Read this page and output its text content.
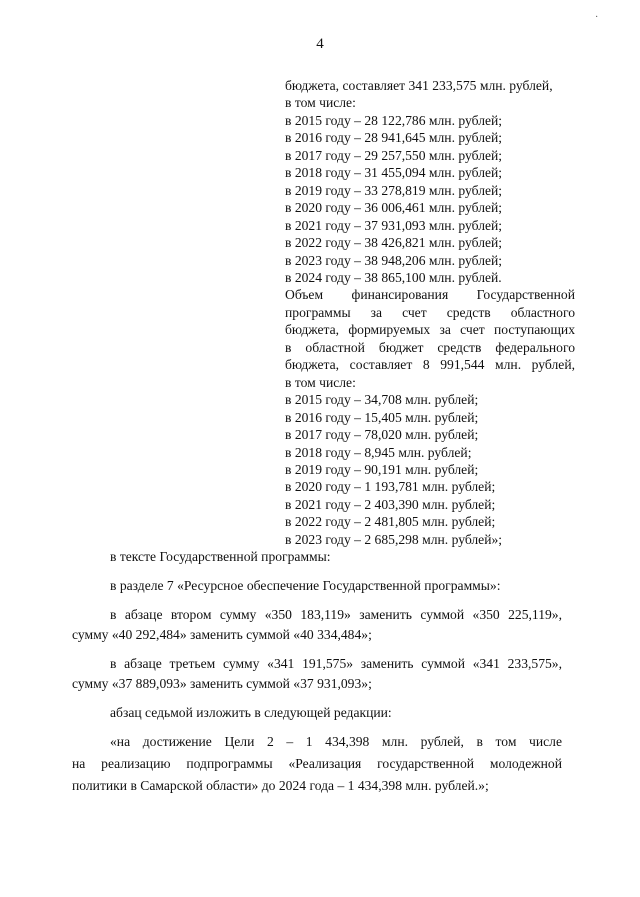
·
4
бюджета, составляет 341 233,575 млн. рублей,
в том числе:
в 2015 году – 28 122,786 млн. рублей;
в 2016 году – 28 941,645 млн. рублей;
в 2017 году – 29 257,550 млн. рублей;
в 2018 году – 31 455,094 млн. рублей;
в 2019 году – 33 278,819 млн. рублей;
в 2020 году – 36 006,461 млн. рублей;
в 2021 году – 37 931,093 млн. рублей;
в 2022 году – 38 426,821 млн. рублей;
в 2023 году – 38 948,206 млн. рублей;
в 2024 году – 38 865,100 млн. рублей.
Объем финансирования Государственной
программы за счет средств областного
бюджета, формируемых за счет поступающих
в областной бюджет средств федерального
бюджета, составляет 8 991,544 млн. рублей,
в том числе:
в 2015 году – 34,708 млн. рублей;
в 2016 году – 15,405 млн. рублей;
в 2017 году – 78,020 млн. рублей;
в 2018 году – 8,945 млн. рублей;
в 2019 году – 90,191 млн. рублей;
в 2020 году – 1 193,781 млн. рублей;
в 2021 году – 2 403,390 млн. рублей;
в 2022 году – 2 481,805 млн. рублей;
в 2023 году – 2 685,298 млн. рублей»;
в тексте Государственной программы:
в разделе 7 «Ресурсное обеспечение Государственной программы»:
в абзаце втором сумму «350 183,119» заменить суммой «350 225,119»,
сумму «40 292,484» заменить суммой «40 334,484»;
в абзаце третьем сумму «341 191,575» заменить суммой «341 233,575»,
сумму «37 889,093» заменить суммой «37 931,093»;
абзац седьмой изложить в следующей редакции:
«на достижение Цели 2 – 1 434,398 млн. рублей, в том числе
на реализацию подпрограммы «Реализация государственной молодежной
политики в Самарской области» до 2024 года – 1 434,398 млн. рублей.»;
